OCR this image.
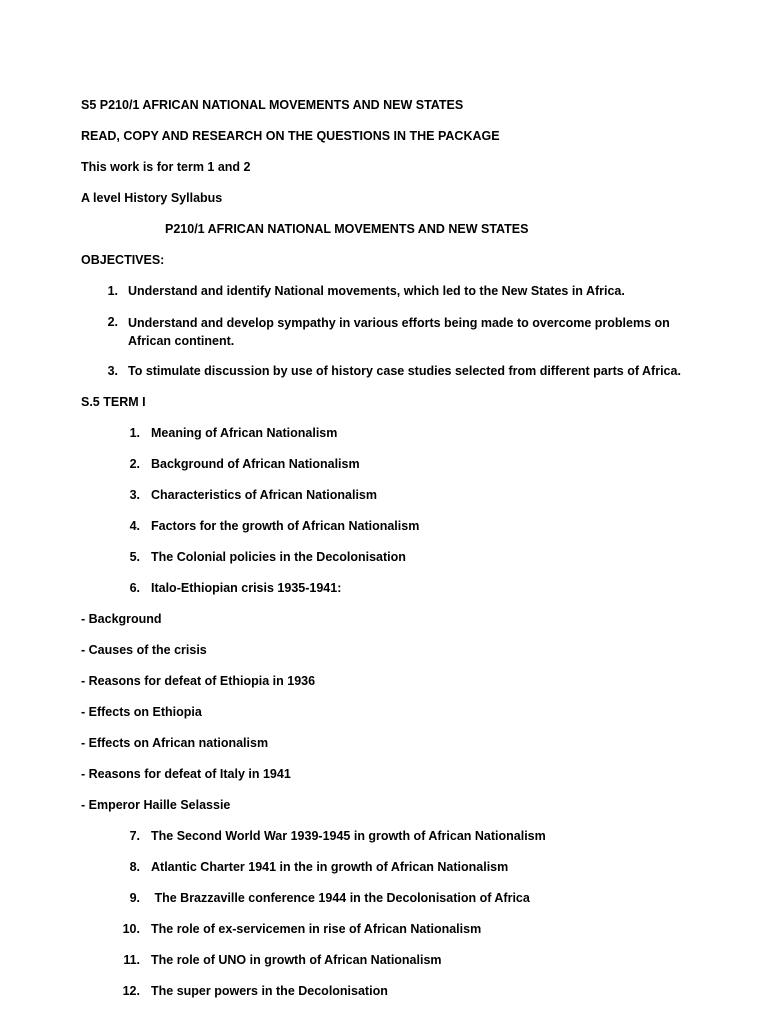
S5 P210/1 AFRICAN NATIONAL MOVEMENTS AND NEW STATES
READ, COPY AND RESEARCH ON THE QUESTIONS IN THE PACKAGE
This work is for term 1 and 2
A level History Syllabus
P210/1 AFRICAN NATIONAL MOVEMENTS AND NEW STATES
OBJECTIVES:
1. Understand and identify National movements, which led to the New States in Africa.
2. Understand and develop sympathy in various efforts being made to overcome problems on African continent.
3. To stimulate discussion by use of history case studies selected from different parts of Africa.
S.5 TERM I
1. Meaning of African Nationalism
2. Background of African Nationalism
3. Characteristics of African Nationalism
4. Factors for the growth of African Nationalism
5. The Colonial policies in the Decolonisation
6. Italo-Ethiopian crisis 1935-1941:
- Background
- Causes of the crisis
- Reasons for defeat of Ethiopia in 1936
- Effects on Ethiopia
- Effects on African nationalism
- Reasons for defeat of Italy in 1941
- Emperor Haille Selassie
7. The Second World War 1939-1945 in growth of African Nationalism
8. Atlantic Charter 1941 in the in growth of African Nationalism
9. The Brazzaville conference 1944 in the Decolonisation of Africa
10. The role of ex-servicemen in rise of African Nationalism
11. The role of UNO in growth of African Nationalism
12. The super powers in the Decolonisation
